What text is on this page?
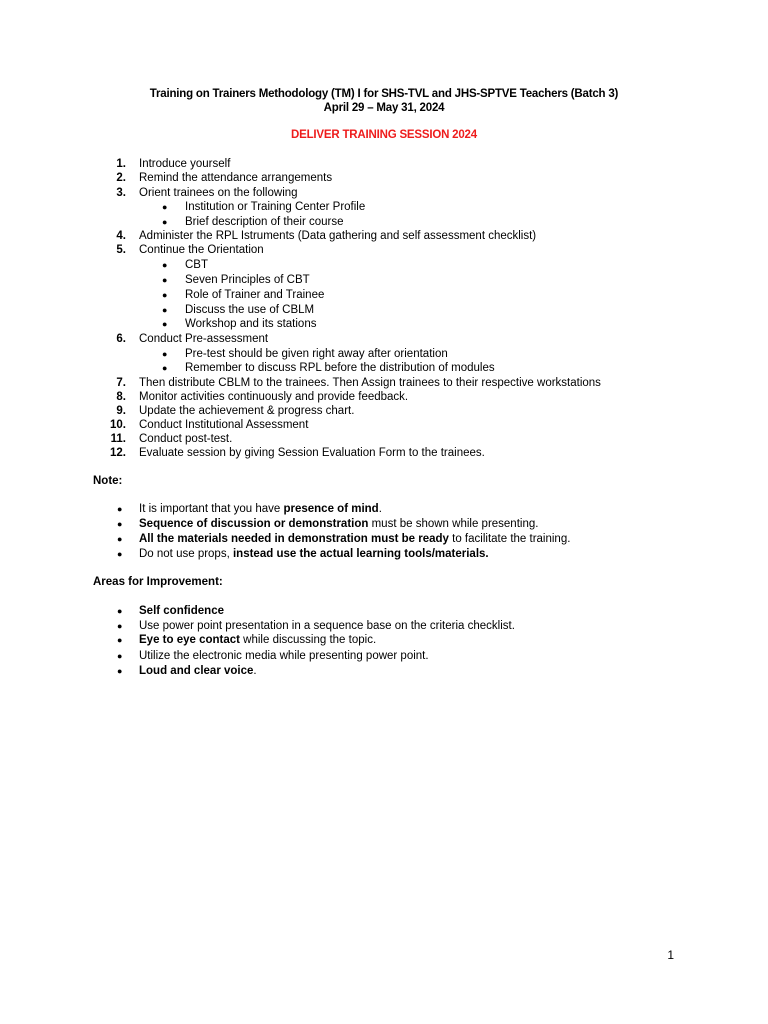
Training on Trainers Methodology (TM) I for SHS-TVL and JHS-SPTVE Teachers (Batch 3)
April 29 – May 31, 2024
DELIVER TRAINING SESSION 2024
1. Introduce yourself
2. Remind the attendance arrangements
3. Orient trainees on the following
● Institution or Training Center Profile
● Brief description of their course
4. Administer the RPL Istruments (Data gathering and self assessment checklist)
5. Continue the Orientation
● CBT
● Seven Principles of CBT
● Role of Trainer and Trainee
● Discuss the use of CBLM
● Workshop and its stations
6. Conduct Pre-assessment
● Pre-test should be given right away after orientation
● Remember to discuss RPL before the distribution of modules
7. Then distribute CBLM to the trainees. Then Assign trainees to their respective workstations
8. Monitor activities continuously and provide feedback.
9. Update the achievement & progress chart.
10. Conduct Institutional Assessment
11. Conduct post-test.
12. Evaluate session by giving Session Evaluation Form to the trainees.
Note:
● It is important that you have presence of mind.
● Sequence of discussion or demonstration must be shown while presenting.
● All the materials needed in demonstration must be ready to facilitate the training.
● Do not use props, instead use the actual learning tools/materials.
Areas for Improvement:
● Self confidence
● Use power point presentation in a sequence base on the criteria checklist.
● Eye to eye contact while discussing the topic.
● Utilize the electronic media while presenting power point.
● Loud and clear voice.
1
